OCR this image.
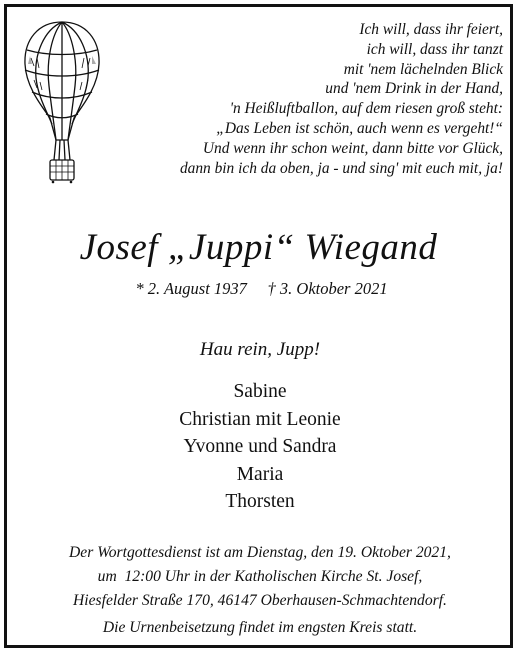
Ich will, dass ihr feiert,
ich will, dass ihr tanzt
mit 'nem lächelnden Blick
und 'nem Drink in der Hand,
'n Heißluftballon, auf dem riesen groß steht:
„Das Leben ist schön, auch wenn es vergeht!“
Und wenn ihr schon weint, dann bitte vor Glück,
dann bin ich da oben, ja - und sing' mit euch mit, ja!
Josef „Juppi“ Wiegand
* 2. August 1937     † 3. Oktober 2021
Hau rein, Jupp!
Sabine
Christian mit Leonie
Yvonne und Sandra
Maria
Thorsten
Der Wortgottesdienst ist am Dienstag, den 19. Oktober 2021,
um  12:00 Uhr in der Katholischen Kirche St. Josef,
Hiesfelder Straße 170, 46147 Oberhausen-Schmachtendorf.
Die Urnenbeisetzung findet im engsten Kreis statt.
